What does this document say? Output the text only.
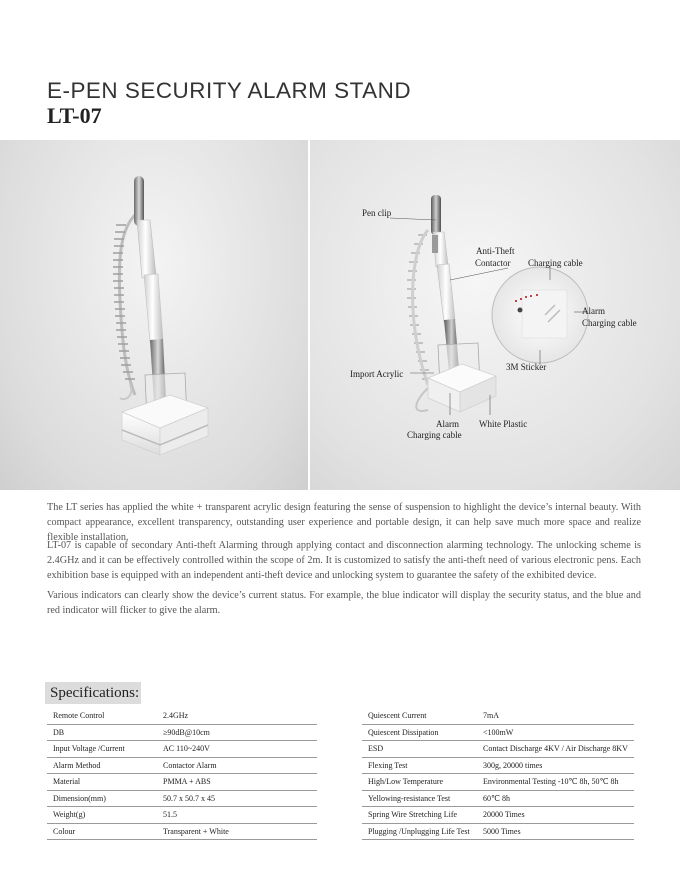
E-PEN SECURITY ALARM STAND
LT-07
Pen clip
Anti-Theft
Contactor Charging cable
Alarm
Charging cable
3M Sticker
Import Acrylic
Alarm
Charging cable
White Plastic

The LT series has applied the white + transparent acrylic design featuring the sense of suspension to highlight the device’s internal beauty. With compact appearance, excellent transparency, outstanding user experience and portable design, it can help save much more space and realize flexible installation.

LT-07 is capable of secondary Anti-theft Alarming through applying contact and disconnection alarming technology. The unlocking scheme is 2.4GHz and it can be effectively controlled within the scope of 2m. It is customized to satisfy the anti-theft need of various electronic pens. Each exhibition base is equipped with an independent anti-theft device and unlocking system to guarantee the safety of the exhibited device.

Various indicators can clearly show the device’s current status. For example, the blue indicator will display the security status, and the blue and red indicator will flicker to give the alarm.

Specifications:
Remote Control	2.4GHz
DB	≥90dB@10cm
Input Voltage /Current	AC 110~240V
Alarm Method	Contactor Alarm
Material	PMMA + ABS
Dimension(mm)	50.7 x 50.7 x 45
Weight(g)	51.5
Colour	Transparent + White
Quiescent Current	7mA
Quiescent Dissipation	<100mW
ESD	Contact Discharge 4KV / Air Discharge 8KV
Flexing Test	300g, 20000 times
High/Low Temperature	Environmental Testing -10℃ 8h, 50℃ 8h
Yellowing-resistance Test	60℃ 8h
Spring Wire Stretching Life	20000 Times
Plugging /Unplugging Life Test	5000 Times
